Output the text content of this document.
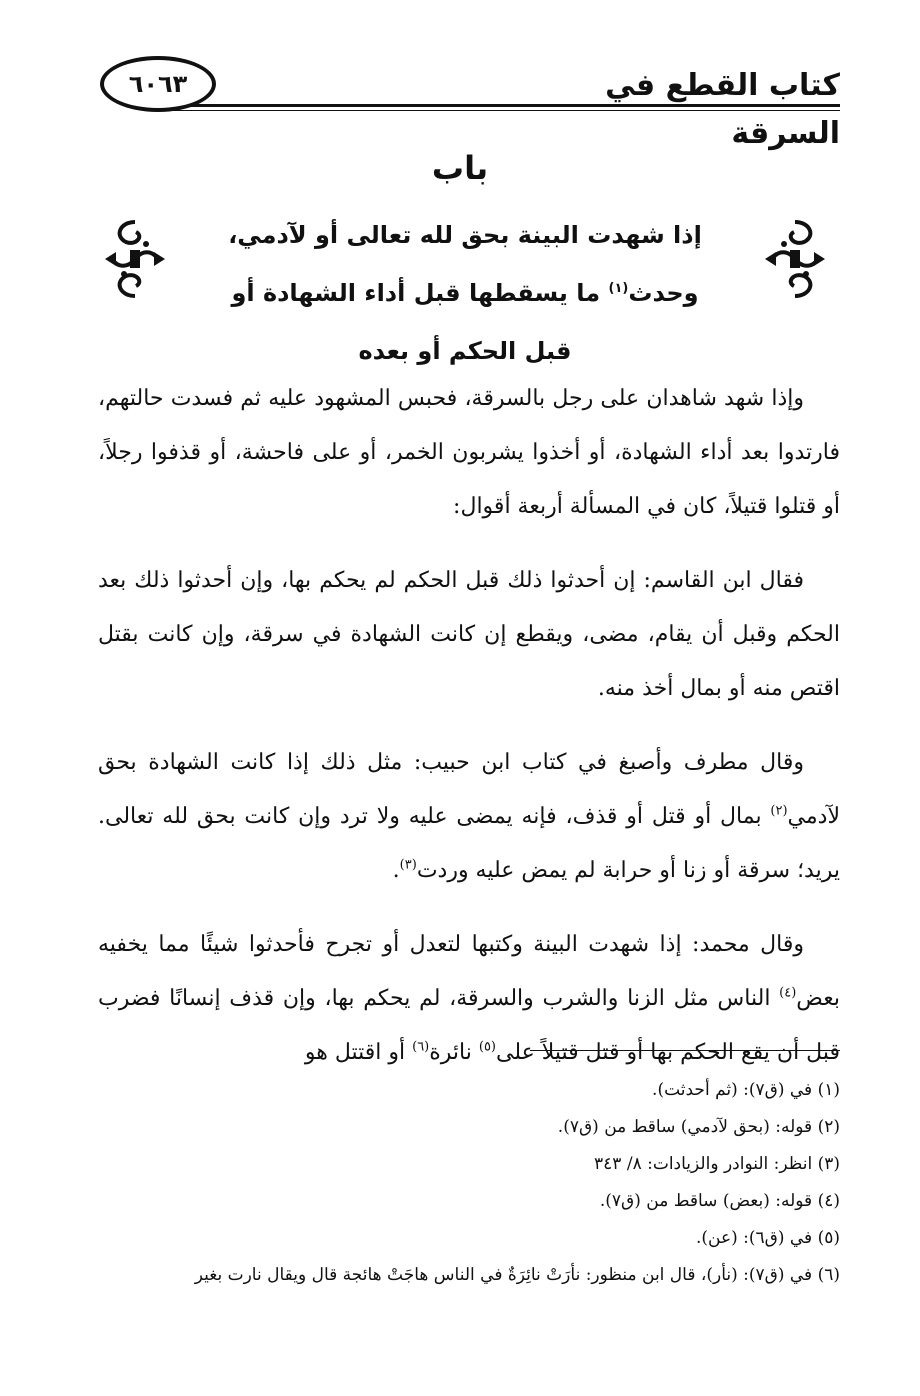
كتاب القطع في السرقة
٦٠٦٣
باب
إذا شهدت البينة بحق لله تعالى أو لآدمي، وحدث$^{(١)}$ ما يسقطها قبل أداء الشهادة أو قبل الحكم أو بعده

وإذا شهد شاهدان على رجل بالسرقة، فحبس المشهود عليه ثم فسدت حالتهم، فارتدوا بعد أداء الشهادة، أو أخذوا يشربون الخمر، أو على فاحشة، أو قذفوا رجلاً، أو قتلوا قتيلاً، كان في المسألة أربعة أقوال:

فقال ابن القاسم: إن أحدثوا ذلك قبل الحكم لم يحكم بها، وإن أحدثوا ذلك بعد الحكم وقبل أن يقام، مضى، ويقطع إن كانت الشهادة في سرقة، وإن كانت بقتل اقتص منه أو بمال أخذ منه.

وقال مطرف وأصبغ في كتاب ابن حبيب: مثل ذلك إذا كانت الشهادة بحق لآدمي$^{(٢)}$ بمال أو قتل أو قذف، فإنه يمضى عليه ولا ترد وإن كانت بحق لله تعالى. يريد؛ سرقة أو زنا أو حرابة لم يمض عليه وردت$^{(٣)}$.

وقال محمد: إذا شهدت البينة وكتبها لتعدل أو تجرح فأحدثوا شيئًا مما يخفيه بعض$^{(٤)}$ الناس مثل الزنا والشرب والسرقة، لم يحكم بها، وإن قذف إنسانًا فضرب قبل أن يقع الحكم بها أو قتل قتيلاً على$^{(٥)}$ نائرة$^{(٦)}$ أو اقتتل هو

(١) في (ق٧): (ثم أحدثت).
(٢) قوله: (بحق لآدمي) ساقط من (ق٧).
(٣) انظر: النوادر والزيادات: ٨/ ٣٤٣
(٤) قوله: (بعض) ساقط من (ق٧).
(٥) في (ق٦): (عن).
(٦) في (ق٧): (نأر)، قال ابن منظور: نأرَتْ نائِرَةٌ في الناس هاجَتْ هائجة قال ويقال نارت بغير
